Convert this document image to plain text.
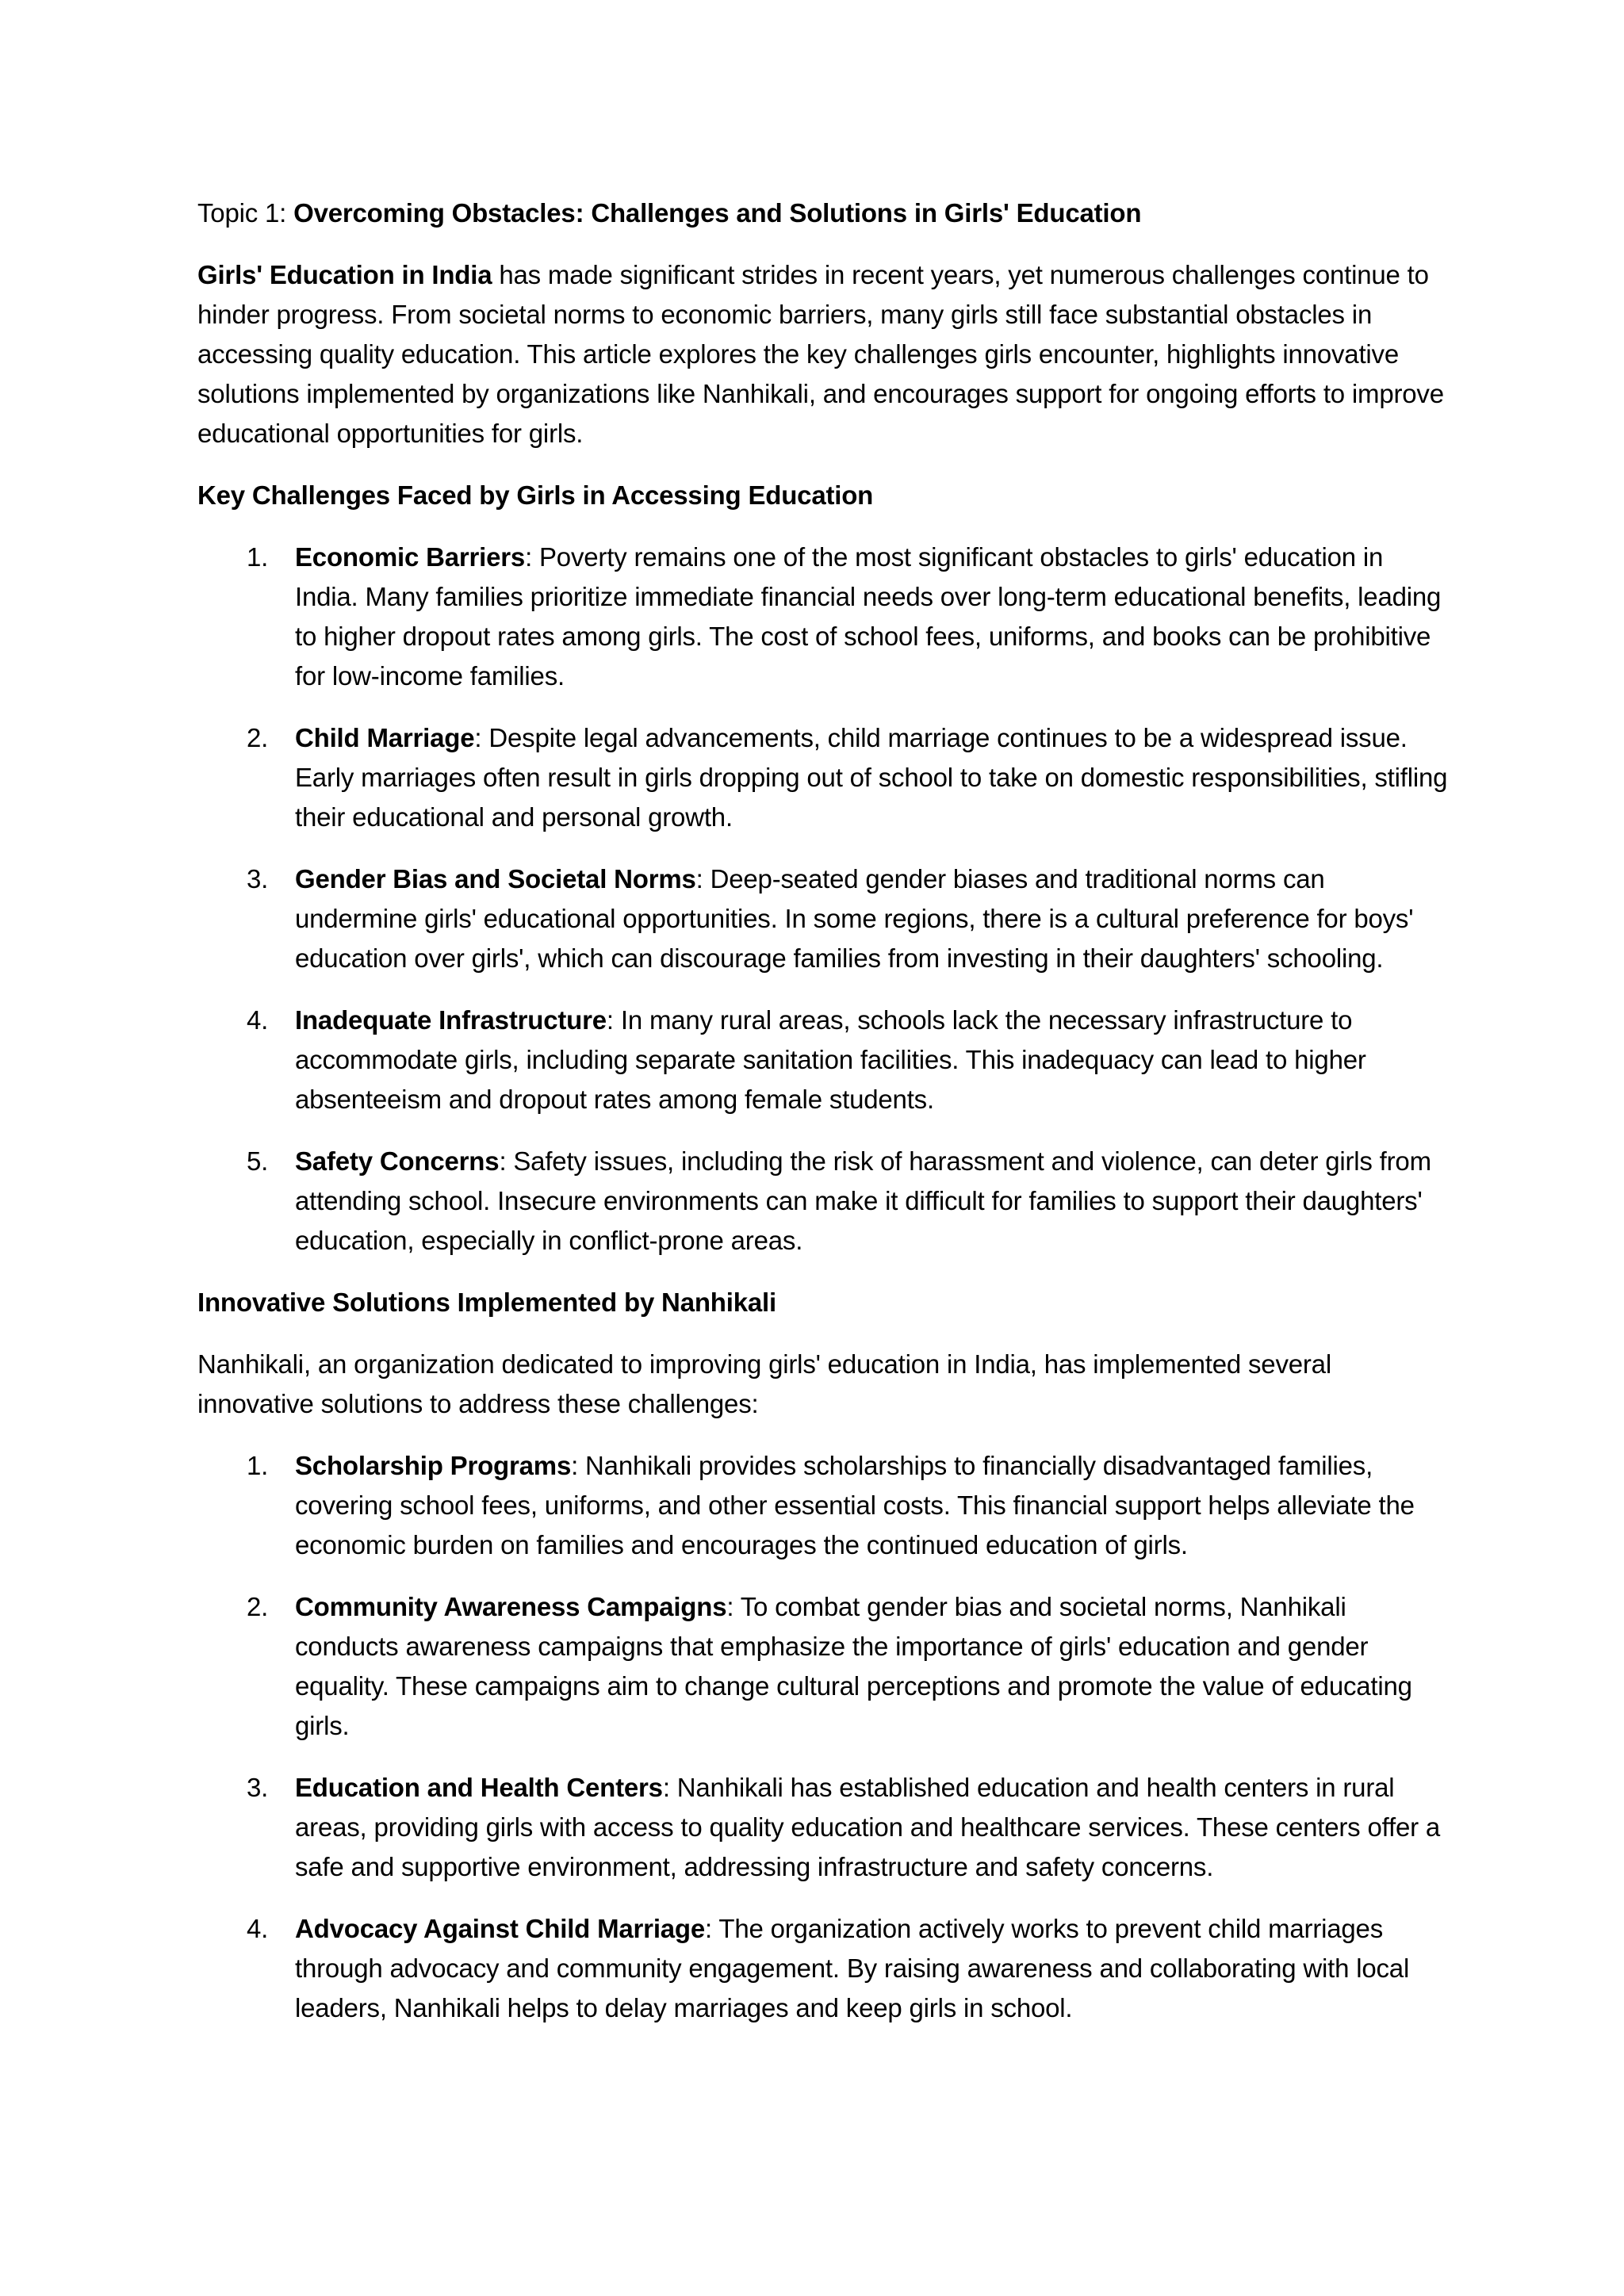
Topic 1: Overcoming Obstacles: Challenges and Solutions in Girls' Education

Girls' Education in India has made significant strides in recent years, yet numerous challenges continue to hinder progress. From societal norms to economic barriers, many girls still face substantial obstacles in accessing quality education. This article explores the key challenges girls encounter, highlights innovative solutions implemented by organizations like Nanhikali, and encourages support for ongoing efforts to improve educational opportunities for girls.

Key Challenges Faced by Girls in Accessing Education

1. Economic Barriers: Poverty remains one of the most significant obstacles to girls' education in India. Many families prioritize immediate financial needs over long-term educational benefits, leading to higher dropout rates among girls. The cost of school fees, uniforms, and books can be prohibitive for low-income families.
2. Child Marriage: Despite legal advancements, child marriage continues to be a widespread issue. Early marriages often result in girls dropping out of school to take on domestic responsibilities, stifling their educational and personal growth.
3. Gender Bias and Societal Norms: Deep-seated gender biases and traditional norms can undermine girls' educational opportunities. In some regions, there is a cultural preference for boys' education over girls', which can discourage families from investing in their daughters' schooling.
4. Inadequate Infrastructure: In many rural areas, schools lack the necessary infrastructure to accommodate girls, including separate sanitation facilities. This inadequacy can lead to higher absenteeism and dropout rates among female students.
5. Safety Concerns: Safety issues, including the risk of harassment and violence, can deter girls from attending school. Insecure environments can make it difficult for families to support their daughters' education, especially in conflict-prone areas.

Innovative Solutions Implemented by Nanhikali

Nanhikali, an organization dedicated to improving girls' education in India, has implemented several innovative solutions to address these challenges:

1. Scholarship Programs: Nanhikali provides scholarships to financially disadvantaged families, covering school fees, uniforms, and other essential costs. This financial support helps alleviate the economic burden on families and encourages the continued education of girls.
2. Community Awareness Campaigns: To combat gender bias and societal norms, Nanhikali conducts awareness campaigns that emphasize the importance of girls' education and gender equality. These campaigns aim to change cultural perceptions and promote the value of educating girls.
3. Education and Health Centers: Nanhikali has established education and health centers in rural areas, providing girls with access to quality education and healthcare services. These centers offer a safe and supportive environment, addressing infrastructure and safety concerns.
4. Advocacy Against Child Marriage: The organization actively works to prevent child marriages through advocacy and community engagement. By raising awareness and collaborating with local leaders, Nanhikali helps to delay marriages and keep girls in school.
